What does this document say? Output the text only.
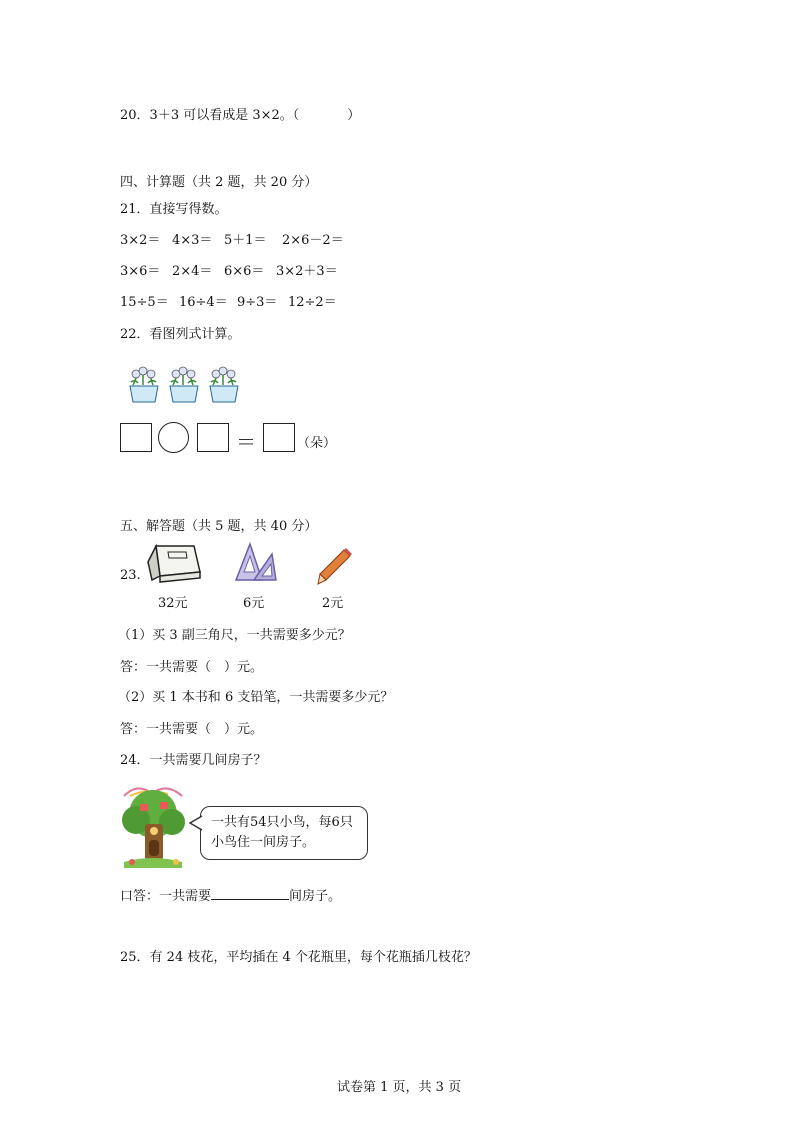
20．3＋3 可以看成是 3×2。（	）
四、计算题（共 2 题，共 20 分）
21．直接写得数。
3×2＝ 4×3＝ 5＋1＝ 2×6－2＝
3×6＝ 2×4＝ 6×6＝ 3×2＋3＝
15÷5＝ 16÷4＝ 9÷3＝ 12÷2＝
22．看图列式计算。
＝	（朵）
五、解答题（共 5 题，共 40 分）
23.
32元	6元	2元
（1）买 3 副三角尺，一共需要多少元？
答：一共需要（　）元。
（2）买 1 本书和 6 支铅笔，一共需要多少元？
答：一共需要（　）元。
24．一共需要几间房子？
一共有54只小鸟，每6只
小鸟住一间房子。
口答：一共需要	间房子。
25．有 24 枝花，平均插在 4 个花瓶里，每个花瓶插几枝花？
试卷第 1 页，共 3 页
